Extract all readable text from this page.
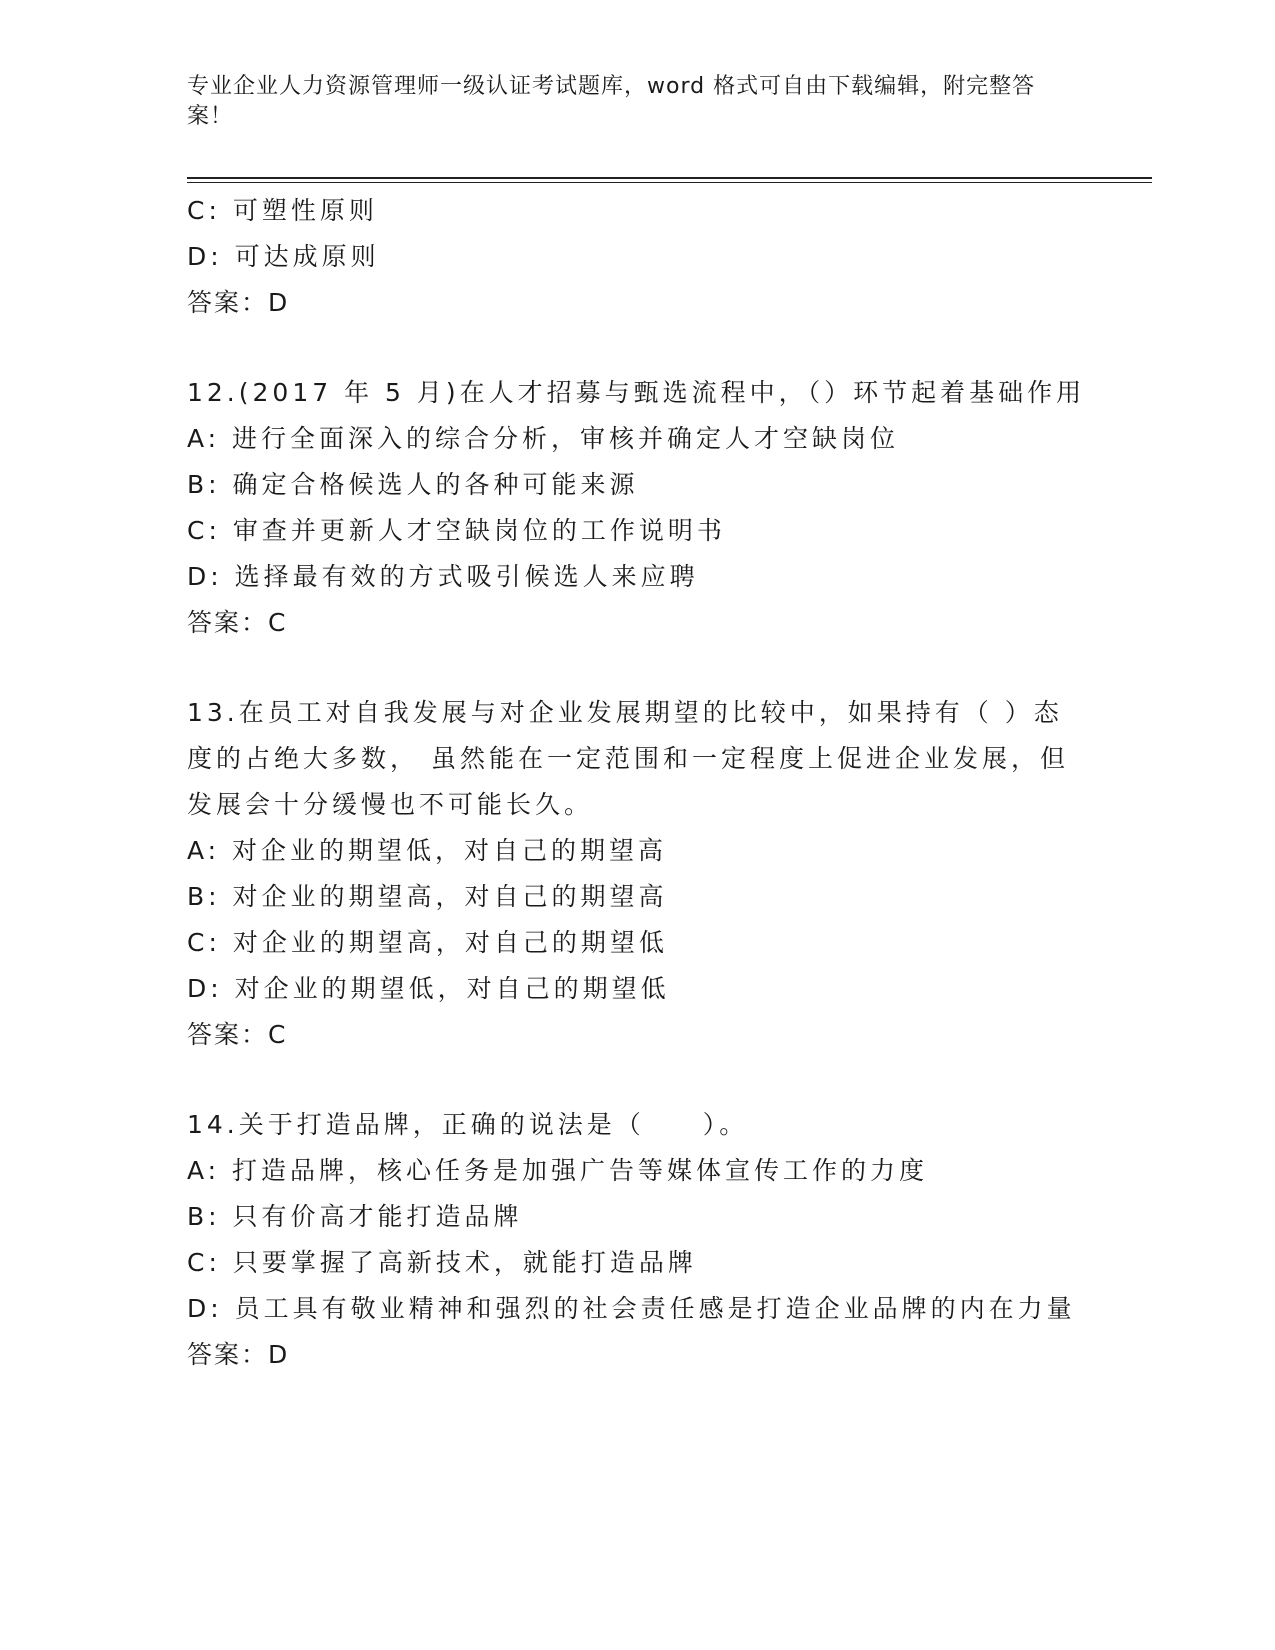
专业企业人力资源管理师一级认证考试题库，word 格式可自由下载编辑，附完整答案！
C: 可塑性原则
D: 可达成原则
答案：D
12.(2017 年 5 月)在人才招募与甄选流程中，（）环节起着基础作用
A: 进行全面深入的综合分析，审核并确定人才空缺岗位
B: 确定合格候选人的各种可能来源
C: 审查并更新人才空缺岗位的工作说明书
D: 选择最有效的方式吸引候选人来应聘
答案：C
13.在员工对自我发展与对企业发展期望的比较中，如果持有（ ）态
度的占绝大多数， 虽然能在一定范围和一定程度上促进企业发展，但
发展会十分缓慢也不可能长久。
A: 对企业的期望低，对自己的期望高
B: 对企业的期望高，对自己的期望高
C: 对企业的期望高，对自己的期望低
D: 对企业的期望低，对自己的期望低
答案：C
14.关于打造品牌，正确的说法是（　　）。
A: 打造品牌，核心任务是加强广告等媒体宣传工作的力度
B: 只有价高才能打造品牌
C: 只要掌握了高新技术，就能打造品牌
D: 员工具有敬业精神和强烈的社会责任感是打造企业品牌的内在力量
答案：D
